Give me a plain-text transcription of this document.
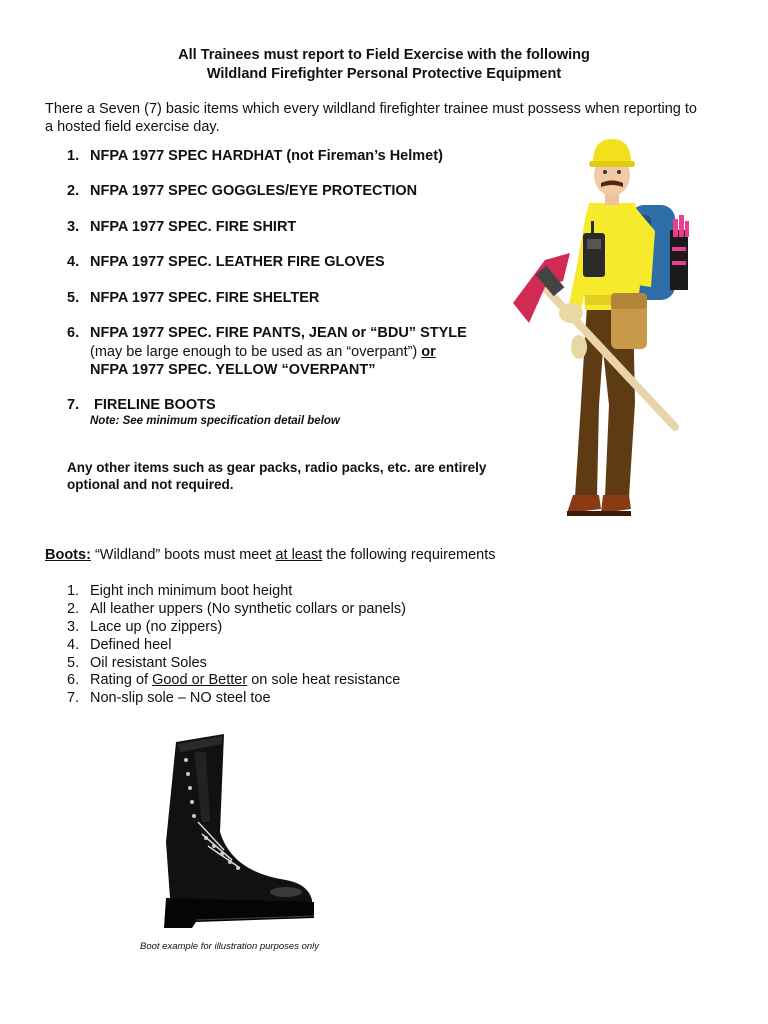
All Trainees must report to Field Exercise with the following
Wildland Firefighter Personal Protective Equipment
There a Seven (7) basic items which every wildland firefighter trainee must possess when reporting to
a hosted field exercise day.
1. NFPA 1977 SPEC HARDHAT (not Fireman’s Helmet)
2. NFPA 1977 SPEC GOGGLES/EYE PROTECTION
3. NFPA 1977 SPEC. FIRE SHIRT
4. NFPA 1977 SPEC. LEATHER FIRE GLOVES
5. NFPA 1977 SPEC. FIRE SHELTER
6. NFPA 1977 SPEC. FIRE PANTS, JEAN or “BDU” STYLE
(may be large enough to be used as an “overpant”) or
NFPA 1977 SPEC. YELLOW “OVERPANT”
7. FIRELINE BOOTS
Note: See minimum specification detail below
Any other items such as gear packs, radio packs, etc. are entirely
optional and not required.
Boots: “Wildland” boots must meet at least the following requirements
1. Eight inch minimum boot height
2. All leather uppers (No synthetic collars or panels)
3. Lace up (no zippers)
4. Defined heel
5. Oil resistant Soles
6. Rating of Good or Better on sole heat resistance
7. Non-slip sole – NO steel toe
Boot example for illustration purposes only
